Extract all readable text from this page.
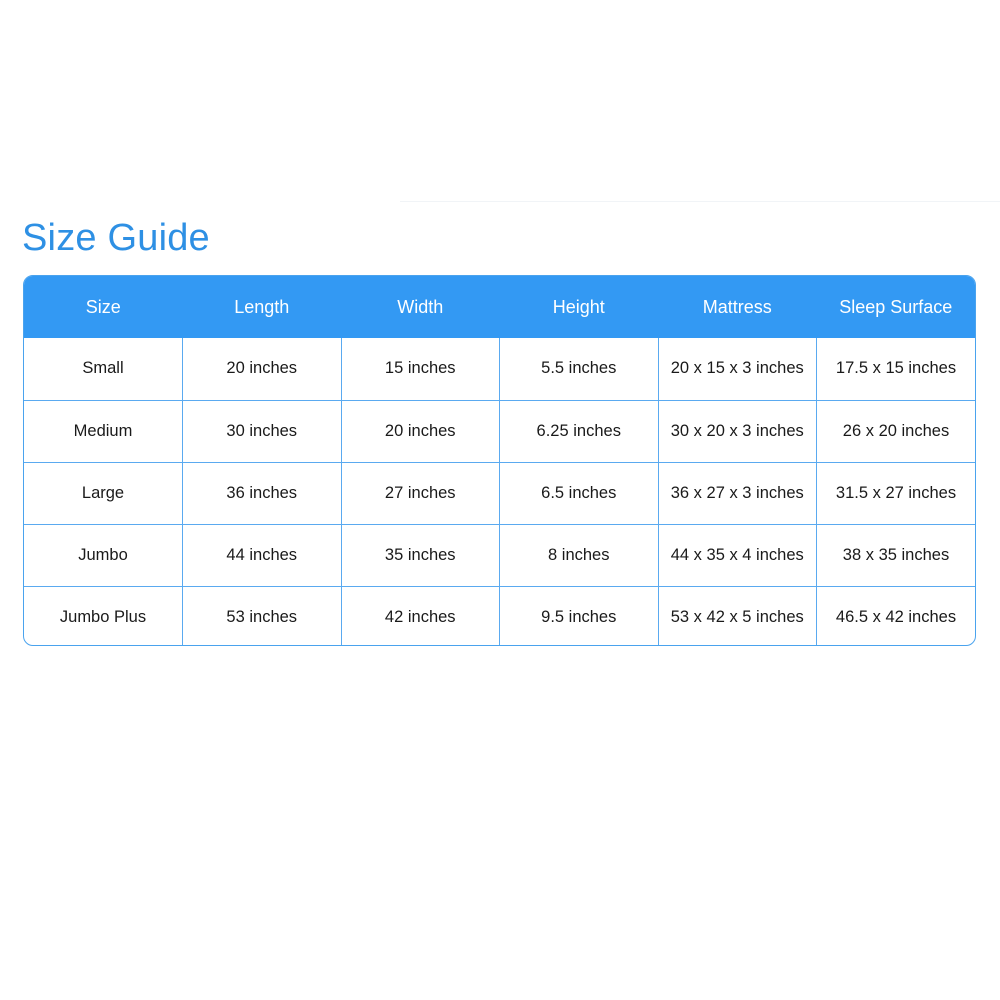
Size Guide
Size	Length	Width	Height	Mattress	Sleep Surface
Small	20 inches	15 inches	5.5 inches	20 x 15 x 3 inches	17.5 x 15 inches
Medium	30 inches	20 inches	6.25 inches	30 x 20 x 3 inches	26 x 20 inches
Large	36 inches	27 inches	6.5 inches	36 x 27 x 3 inches	31.5 x 27 inches
Jumbo	44 inches	35 inches	8 inches	44 x 35 x 4 inches	38 x 35 inches
Jumbo Plus	53 inches	42 inches	9.5 inches	53 x 42 x 5 inches	46.5 x 42 inches
